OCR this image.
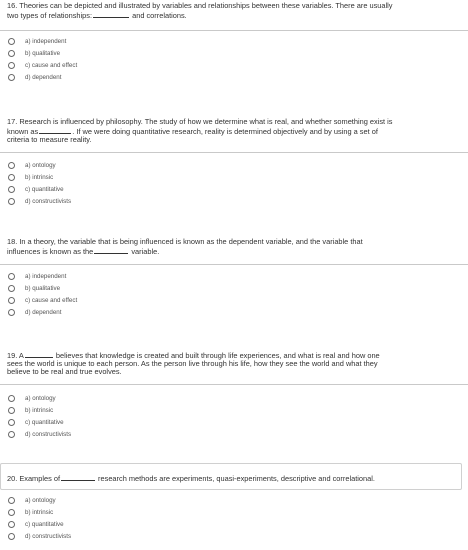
16. Theories can be depicted and illustrated by variables and relationships between these variables. There are usually
two types of relationships:	and correlations.

a) independent
b) qualitative
c) cause and effect
d) dependent

17. Research is influenced by philosophy. The study of how we determine what is real, and whether something exist is
known as	. If we were doing quantitative research, reality is determined objectively and by using a set of
criteria to measure reality.

a) ontology
b) intrinsic
c) quantitative
d) constructivists

18. In a theory, the variable that is being influenced is known as the dependent variable, and the variable that
influences is known as the	variable.

a) independent
b) qualitative
c) cause and effect
d) dependent

19. A	believes that knowledge is created and built through life experiences, and what is real and how one
sees the world is unique to each person. As the person live through his life, how they see the world and what they
believe to be real and true evolves.

a) ontology
b) intrinsic
c) quantitative
d) constructivists

20. Examples of	research methods are experiments, quasi-experiments, descriptive and correlational.

a) ontology
b) intrinsic
c) quantitative
d) constructivists
